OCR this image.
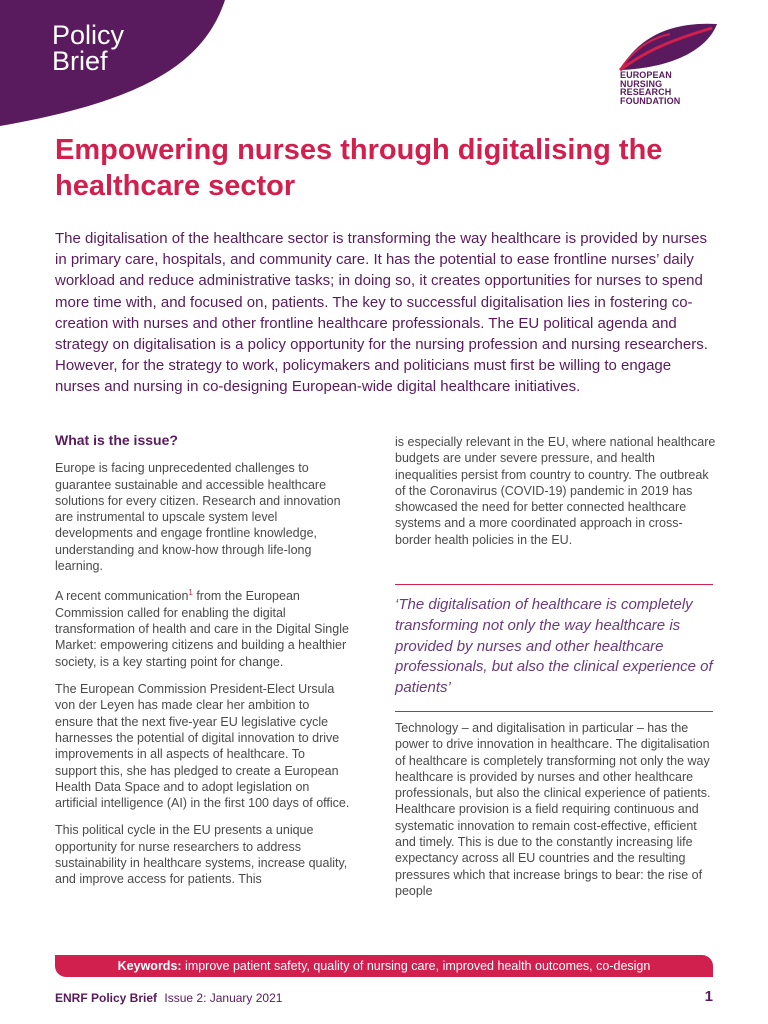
Policy
Brief	EUROPEAN
NURSING
RESEARCH
FOUNDATION
Empowering nurses through digitalising the healthcare sector

The digitalisation of the healthcare sector is transforming the way healthcare is provided by nurses in primary care, hospitals, and community care. It has the potential to ease frontline nurses’ daily workload and reduce administrative tasks; in doing so, it creates opportunities for nurses to spend more time with, and focused on, patients. The key to successful digitalisation lies in fostering co-creation with nurses and other frontline healthcare professionals. The EU political agenda and strategy on digitalisation is a policy opportunity for the nursing profession and nursing researchers. However, for the strategy to work, policymakers and politicians must first be willing to engage nurses and nursing in co-designing European-wide digital healthcare initiatives.

What is the issue?

Europe is facing unprecedented challenges to guarantee sustainable and accessible healthcare solutions for every citizen. Research and innovation are instrumental to upscale system level developments and engage frontline knowledge, understanding and know-how through life-long learning.

A recent communication$^1$ from the European Commission called for enabling the digital transformation of health and care in the Digital Single Market: empowering citizens and building a healthier society, is a key starting point for change.

The European Commission President-Elect Ursula von der Leyen has made clear her ambition to ensure that the next five-year EU legislative cycle harnesses the potential of digital innovation to drive improvements in all aspects of healthcare. To support this, she has pledged to create a European Health Data Space and to adopt legislation on artificial intelligence (AI) in the first 100 days of office.

This political cycle in the EU presents a unique opportunity for nurse researchers to address sustainability in healthcare systems, increase quality, and improve access for patients. This

is especially relevant in the EU, where national healthcare budgets are under severe pressure, and health inequalities persist from country to country. The outbreak of the Coronavirus (COVID-19) pandemic in 2019 has showcased the need for better connected healthcare systems and a more coordinated approach in cross-border health policies in the EU.

‘The digitalisation of healthcare is completely transforming not only the way healthcare is provided by nurses and other healthcare professionals, but also the clinical experience of patients’

Technology – and digitalisation in particular – has the power to drive innovation in healthcare. The digitalisation of healthcare is completely transforming not only the way healthcare is provided by nurses and other healthcare professionals, but also the clinical experience of patients. Healthcare provision is a field requiring continuous and systematic innovation to remain cost-effective, efficient and timely. This is due to the constantly increasing life expectancy across all EU countries and the resulting pressures which that increase brings to bear: the rise of people

Keywords: improve patient safety, quality of nursing care, improved health outcomes, co-design
ENRF Policy Brief Issue 2: January 2021	1
